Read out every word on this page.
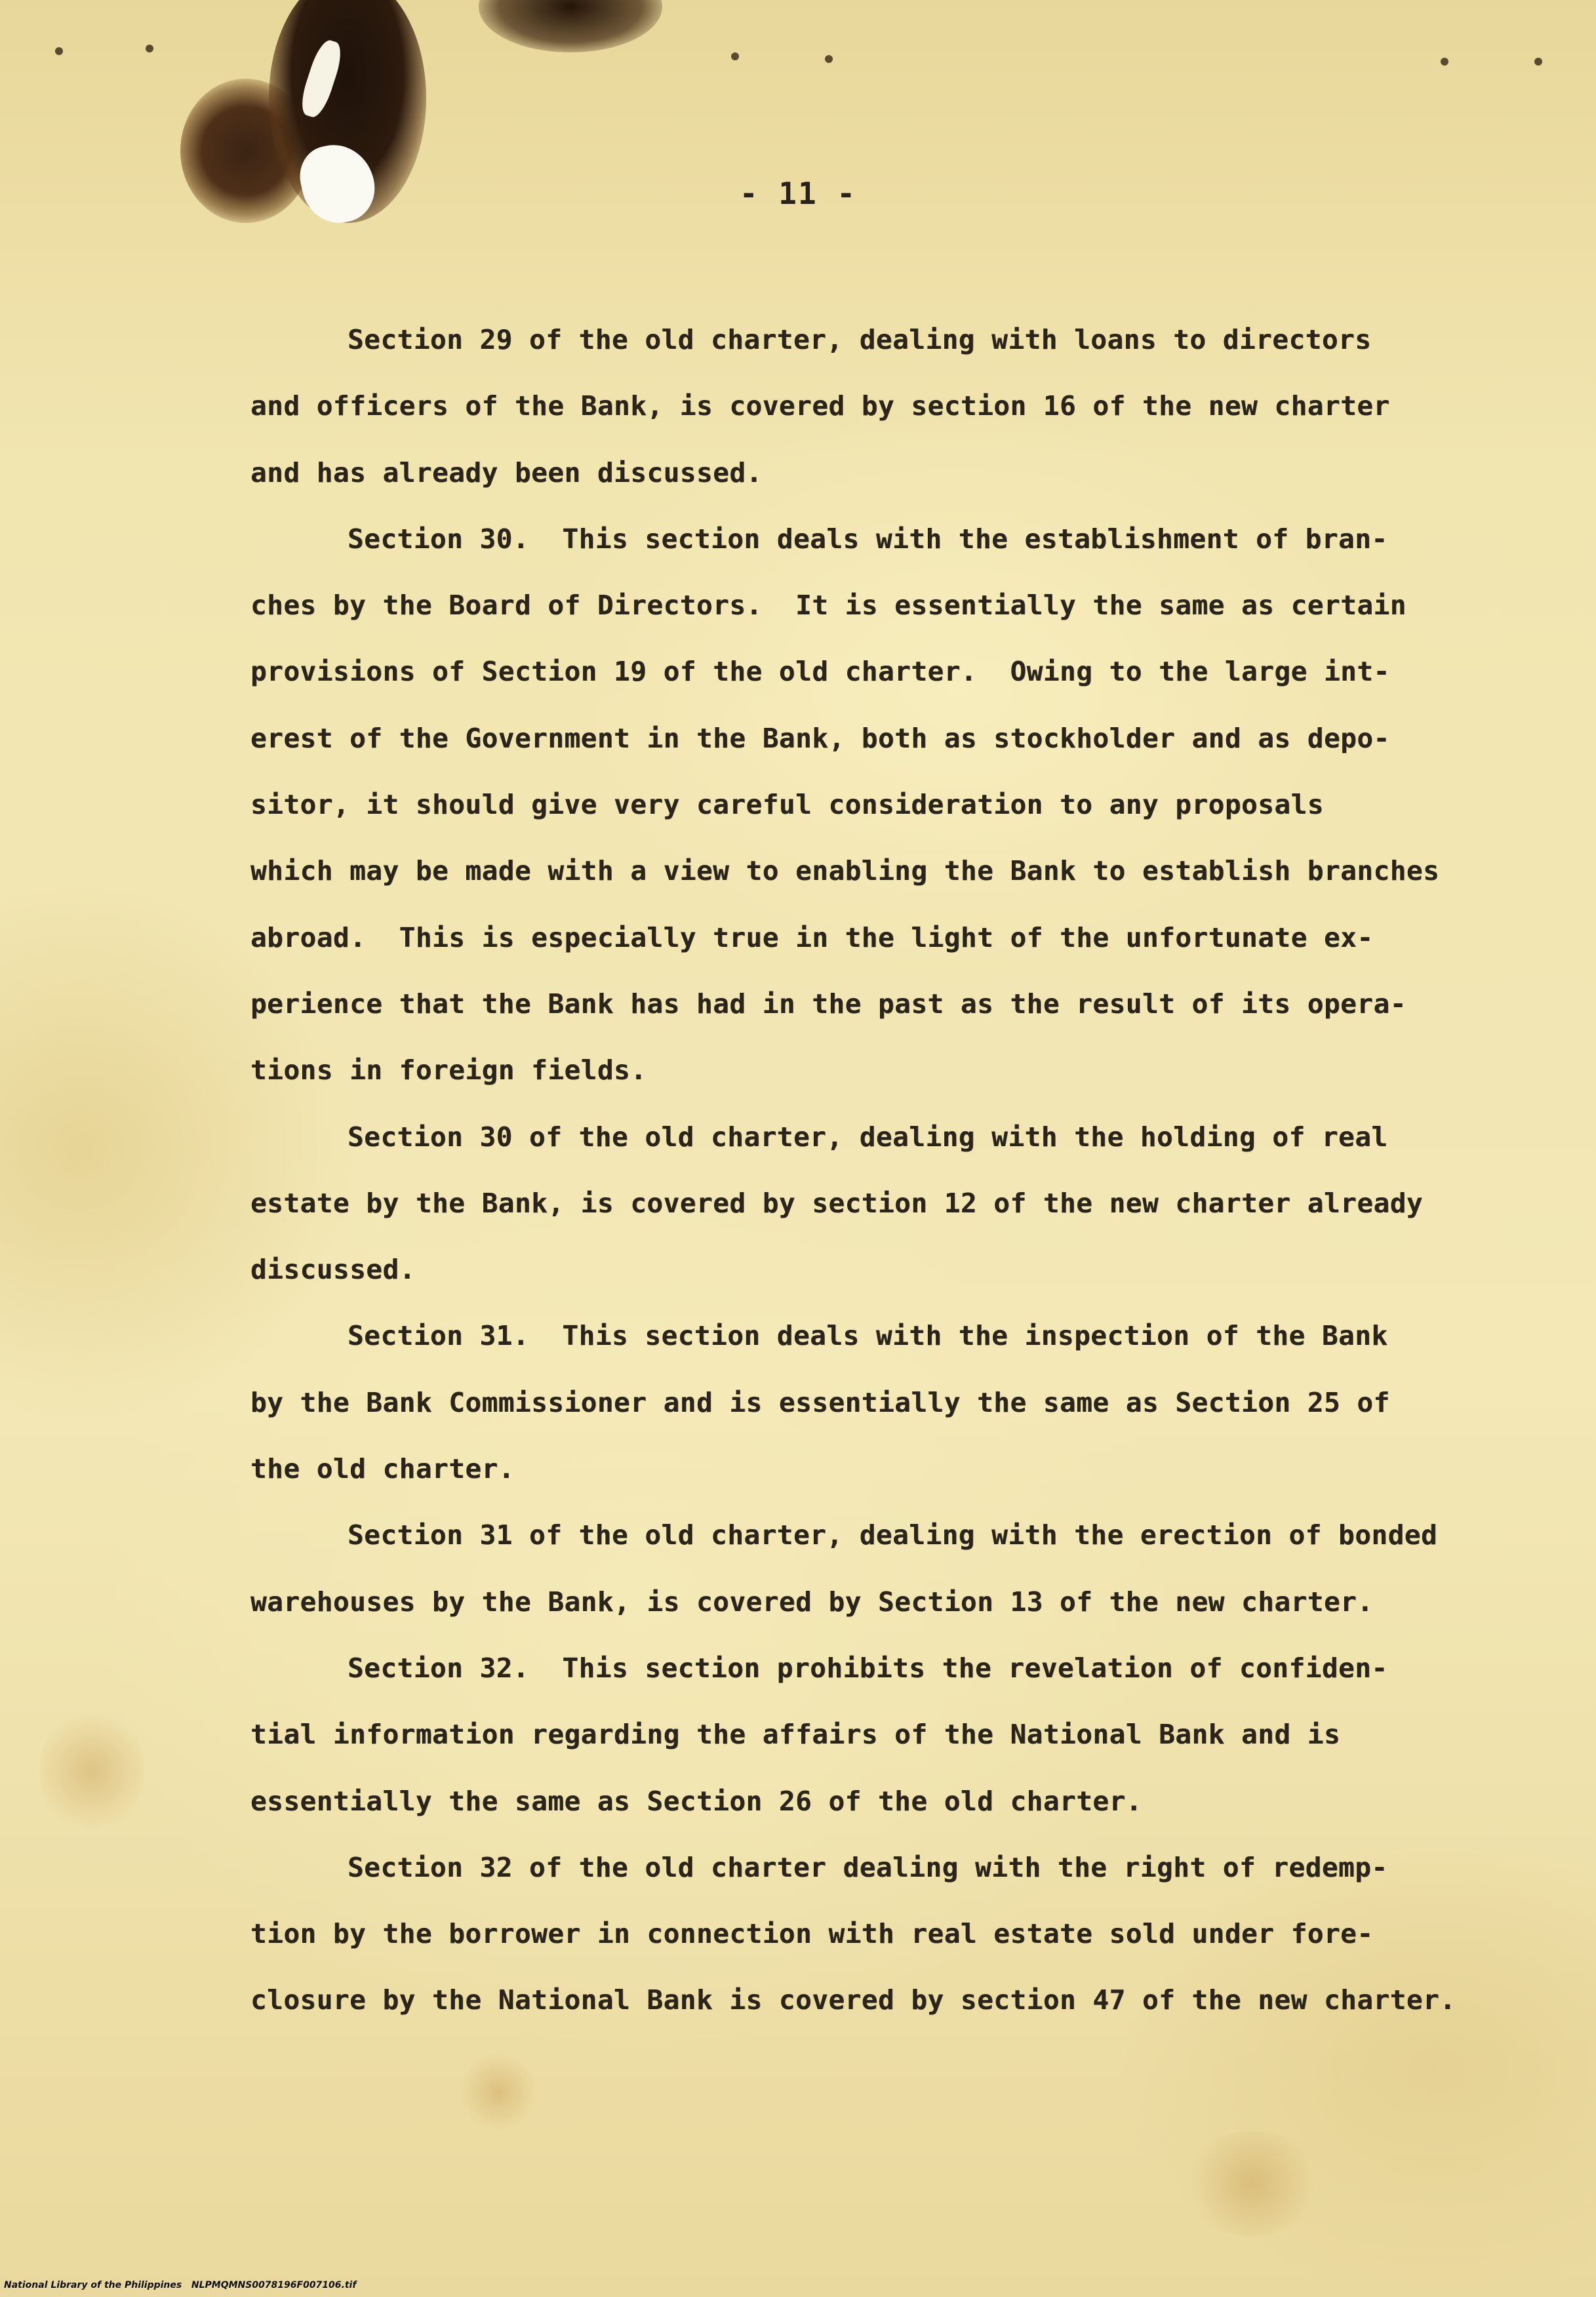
- 11 -
Section 29 of the old charter, dealing with loans to directors
and officers of the Bank, is covered by section 16 of the new charter
and has already been discussed.
Section 30.  This section deals with the establishment of bran-
ches by the Board of Directors.  It is essentially the same as certain
provisions of Section 19 of the old charter.  Owing to the large int-
erest of the Government in the Bank, both as stockholder and as depo-
sitor, it should give very careful consideration to any proposals
which may be made with a view to enabling the Bank to establish branches
abroad.  This is especially true in the light of the unfortunate ex-
perience that the Bank has had in the past as the result of its opera-
tions in foreign fields.
Section 30 of the old charter, dealing with the holding of real
estate by the Bank, is covered by section 12 of the new charter already
discussed.
Section 31.  This section deals with the inspection of the Bank
by the Bank Commissioner and is essentially the same as Section 25 of
the old charter.
Section 31 of the old charter, dealing with the erection of bonded
warehouses by the Bank, is covered by Section 13 of the new charter.
Section 32.  This section prohibits the revelation of confiden-
tial information regarding the affairs of the National Bank and is
essentially the same as Section 26 of the old charter.
Section 32 of the old charter dealing with the right of redemp-
tion by the borrower in connection with real estate sold under fore-
closure by the National Bank is covered by section 47 of the new charter.
National Library of the Philippines NLPMQMNS0078196F007106.tif
